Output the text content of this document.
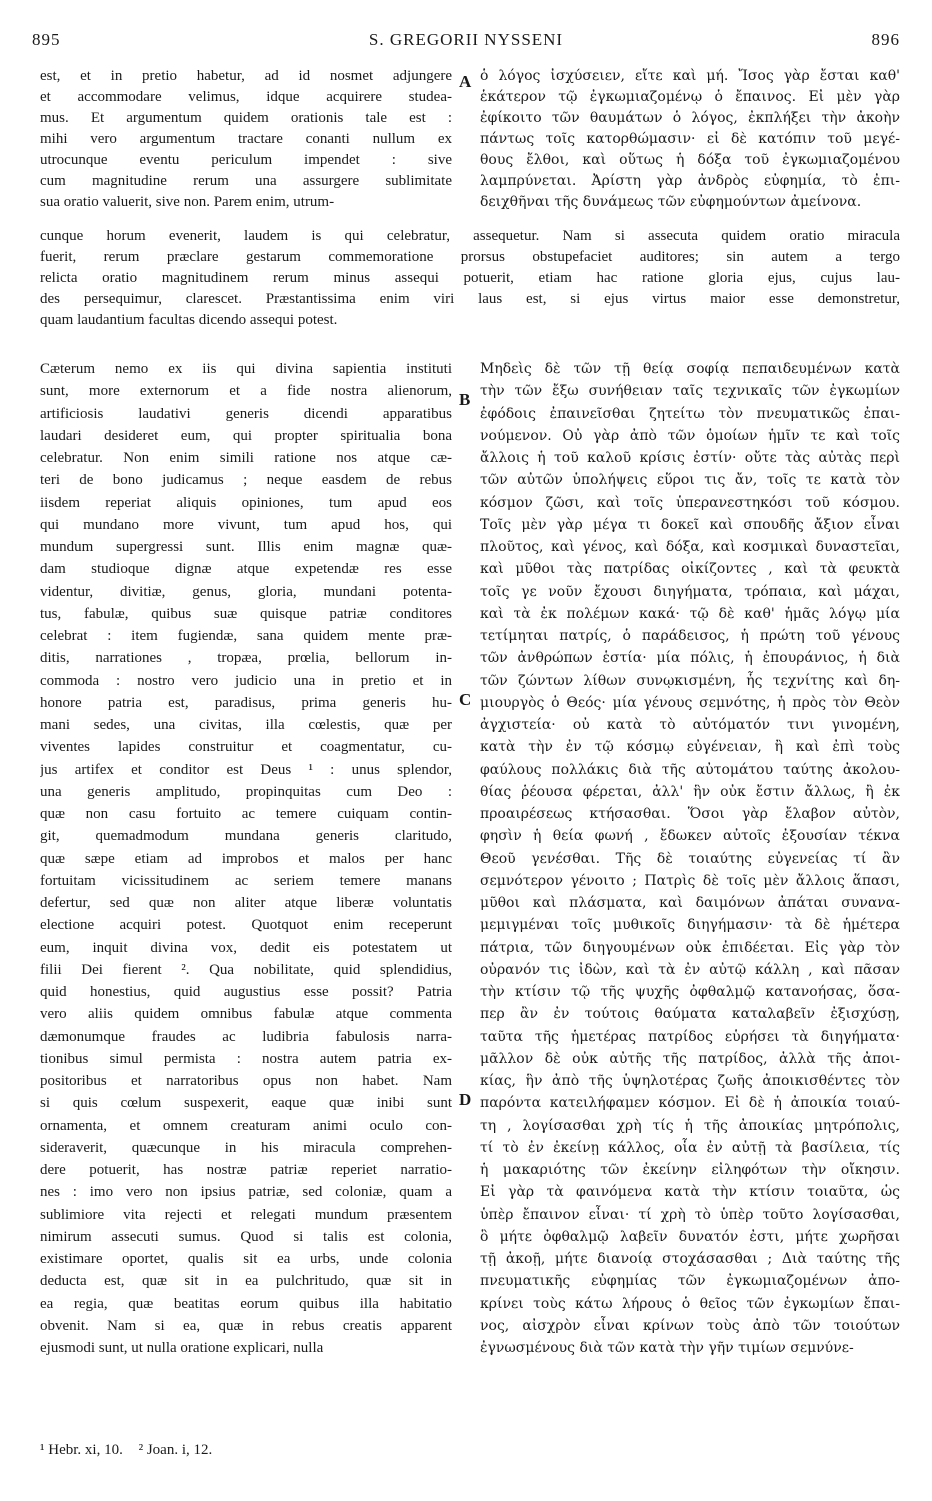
895	S. GREGORII NYSSENI	896
est, et in pretio habetur, ad id nosmet adjungere
et accommodare velimus, idque acquirere studea-
mus. Et argumentum quidem orationis tale est :
mihi vero argumentum tractare conanti nullum ex
utrocunque eventu periculum impendet : sive
cum magnitudine rerum una assurgere sublimitate
sua oratio valuerit, sive non. Parem enim, utrum-
ὁ λόγος ἰσχύσειεν, εἴτε καὶ μή. Ἴσος γὰρ ἔσται καθ'
ἑκάτερον τῷ ἐγκωμιαζομένῳ ὁ ἔπαινος. Εἰ μὲν γὰρ
ἐφίκοιτο τῶν θαυμάτων ὁ λόγος, ἐκπλήξει τὴν ἀκοὴν
πάντως τοῖς κατορθώμασιν· εἰ δὲ κατόπιν τοῦ μεγέ-
θους ἔλθοι, καὶ οὕτως ἡ δόξα τοῦ ἐγκωμιαζομένου
λαμπρύνεται. Ἀρίστη γὰρ ἀνδρὸς εὐφημία, τὸ ἐπι-
δειχθῆναι τῆς δυνάμεως τῶν εὐφημούντων ἀμείνονα.
cunque horum evenerit, laudem is qui celebratur, assequetur. Nam si assecuta quidem oratio miracula
fuerit, rerum præclare gestarum commemoratione prorsus obstupefaciet auditores; sin autem a tergo
relicta oratio magnitudinem rerum minus assequi potuerit, etiam hac ratione gloria ejus, cujus lau-
des persequimur, clarescet. Præstantissima enim viri laus est, si ejus virtus maior esse demonstretur,
quam laudantium facultas dicendo assequi potest.
Cæterum nemo ex iis qui divina sapientia instituti
sunt, more externorum et a fide nostra alienorum,
artificiosis laudativi generis dicendi apparatibus
laudari desideret eum, qui propter spiritualia bona
celebratur. Non enim simili ratione nos atque cæ-
teri de bono judicamus ; neque easdem de rebus
iisdem reperiat aliquis opiniones, tum apud eos
qui mundano more vivunt, tum apud hos, qui
mundum supergressi sunt. Illis enim magnæ quæ-
dam studioque dignæ atque expetendæ res esse
videntur, divitiæ, genus, gloria, mundani potenta-
tus, fabulæ, quibus suæ quisque patriæ conditores
celebrat : item fugiendæ, sana quidem mente præ-
ditis, narrationes , tropæa, prœlia, bellorum in-
commoda : nostro vero judicio una in pretio et in
honore patria est, paradisus, prima generis hu-
mani sedes, una civitas, illa cœlestis, quæ per
viventes lapides construitur et coagmentatur, cu-
jus artifex et conditor est Deus ¹ : unus splendor,
una generis amplitudo, propinquitas cum Deo :
quæ non casu fortuito ac temere cuiquam contin-
git, quemadmodum mundana generis claritudo,
quæ sæpe etiam ad improbos et malos per hanc
fortuitam vicissitudinem ac seriem temere manans
defertur, sed quæ non aliter atque liberæ voluntatis
electione acquiri potest. Quotquot enim receperunt
eum, inquit divina vox, dedit eis potestatem ut
filii Dei fierent ². Qua nobilitate, quid splendidius,
quid honestius, quid augustius esse possit? Patria
vero aliis quidem omnibus fabulæ atque commenta
dæmonumque fraudes ac ludibria fabulosis narra-
tionibus simul permista : nostra autem patria ex-
positoribus et narratoribus opus non habet. Nam
si quis cœlum suspexerit, eaque quæ inibi sunt
ornamenta, et omnem creaturam animi oculo con-
sideraverit, quæcunque in his miracula comprehen-
dere potuerit, has nostræ patriæ reperiet narratio-
nes : imo vero non ipsius patriæ, sed coloniæ, quam a
sublimiore vita rejecti et relegati mundum præsentem
nimirum assecuti sumus. Quod si talis est colonia,
existimare oportet, qualis sit ea urbs, unde colonia
deducta est, quæ sit in ea pulchritudo, quæ sit in
ea regia, quæ beatitas eorum quibus illa habitatio
obvenit. Nam si ea, quæ in rebus creatis apparent
ejusmodi sunt, ut nulla oratione explicari, nulla
Μηδεὶς δὲ τῶν τῇ θείᾳ σοφίᾳ πεπαιδευμένων κατὰ
τὴν τῶν ἔξω συνήθειαν ταῖς τεχνικαῖς τῶν ἐγκωμίων
ἐφόδοις ἐπαινεῖσθαι ζητείτω τὸν πνευματικῶς ἐπαι-
νούμενον. Οὐ γὰρ ἀπὸ τῶν ὁμοίων ἡμῖν τε καὶ τοῖς
ἄλλοις ἡ τοῦ καλοῦ κρίσις ἐστίν· οὔτε τὰς αὐτὰς περὶ
τῶν αὐτῶν ὑπολήψεις εὕροι τις ἄν, τοῖς τε κατὰ τὸν
κόσμον ζῶσι, καὶ τοῖς ὑπερανεστηκόσι τοῦ κόσμου.
Τοῖς μὲν γὰρ μέγα τι δοκεῖ καὶ σπουδῆς ἄξιον εἶναι
πλοῦτος, καὶ γένος, καὶ δόξα, καὶ κοσμικαὶ δυναστεῖαι,
καὶ μῦθοι τὰς πατρίδας οἰκίζοντες , καὶ τὰ φευκτὰ
τοῖς γε νοῦν ἔχουσι διηγήματα, τρόπαια, καὶ μάχαι,
καὶ τὰ ἐκ πολέμων κακά· τῷ δὲ καθ' ἡμᾶς λόγῳ μία
τετίμηται πατρίς, ὁ παράδεισος, ἡ πρώτη τοῦ γένους
τῶν ἀνθρώπων ἑστία· μία πόλις, ἡ ἐπουράνιος, ἡ διὰ
τῶν ζώντων λίθων συνῳκισμένη, ἧς τεχνίτης καὶ δη-
μιουργὸς ὁ Θεός· μία γένους σεμνότης, ἡ πρὸς τὸν Θεὸν
ἀγχιστεία· οὐ κατὰ τὸ αὐτόματόν τινι γινομένη,
κατὰ τὴν ἐν τῷ κόσμῳ εὐγένειαν, ἢ καὶ ἐπὶ τοὺς
φαύλους πολλάκις διὰ τῆς αὐτομάτου ταύτης ἀκολου-
θίας ῥέουσα φέρεται, ἀλλ' ἣν οὐκ ἔστιν ἄλλως, ἢ ἐκ
προαιρέσεως κτήσασθαι. Ὅσοι γὰρ ἔλαβον αὐτὸν,
φησὶν ἡ θεία φωνή , ἔδωκεν αὐτοῖς ἐξουσίαν τέκνα
Θεοῦ γενέσθαι. Τῆς δὲ τοιαύτης εὐγενείας τί ἂν
σεμνότερον γένοιτο ; Πατρὶς δὲ τοῖς μὲν ἄλλοις ἅπασι,
μῦθοι καὶ πλάσματα, καὶ δαιμόνων ἀπάται συνανα-
μεμιγμέναι τοῖς μυθικοῖς διηγήμασιν· τὰ δὲ ἡμέτερα
πάτρια, τῶν διηγουμένων οὐκ ἐπιδέεται. Εἰς γὰρ τὸν
οὐρανόν τις ἰδὼν, καὶ τὰ ἐν αὐτῷ κάλλη , καὶ πᾶσαν
τὴν κτίσιν τῷ τῆς ψυχῆς ὀφθαλμῷ κατανοήσας, ὅσα-
περ ἂν ἐν τούτοις θαύματα καταλαβεῖν ἐξισχύσῃ,
ταῦτα τῆς ἡμετέρας πατρίδος εὑρήσει τὰ διηγήματα·
μᾶλλον δὲ οὐκ αὐτῆς τῆς πατρίδος, ἀλλὰ τῆς ἀποι-
κίας, ἣν ἀπὸ τῆς ὑψηλοτέρας ζωῆς ἀποικισθέντες τὸν
παρόντα κατειλήφαμεν κόσμον. Εἰ δὲ ἡ ἀποικία τοιαύ-
τη , λογίσασθαι χρὴ τίς ἡ τῆς ἀποικίας μητρόπολις,
τί τὸ ἐν ἐκείνῃ κάλλος, οἷα ἐν αὐτῇ τὰ βασίλεια, τίς
ἡ μακαριότης τῶν ἐκείνην εἰληφότων τὴν οἴκησιν.
Εἰ γὰρ τὰ φαινόμενα κατὰ τὴν κτίσιν τοιαῦτα, ὡς
ὑπὲρ ἔπαινον εἶναι· τί χρὴ τὸ ὑπὲρ τοῦτο λογίσασθαι,
ὃ μήτε ὀφθαλμῷ λαβεῖν δυνατόν ἐστι, μήτε χωρῆσαι
τῇ ἀκοῇ, μήτε διανοίᾳ στοχάσασθαι ; Διὰ ταύτης τῆς
πνευματικῆς εὐφημίας τῶν ἐγκωμιαζομένων ἀπο-
κρίνει τοὺς κάτω λήρους ὁ θεῖος τῶν ἐγκωμίων ἔπαι-
νος, αἰσχρὸν εἶναι κρίνων τοὺς ἀπὸ τῶν τοιούτων
ἐγνωσμένους διὰ τῶν κατὰ τὴν γῆν τιμίων σεμνύνε-
A
B
C
D
¹ Hebr. xi, 10. ² Joan. i, 12.
